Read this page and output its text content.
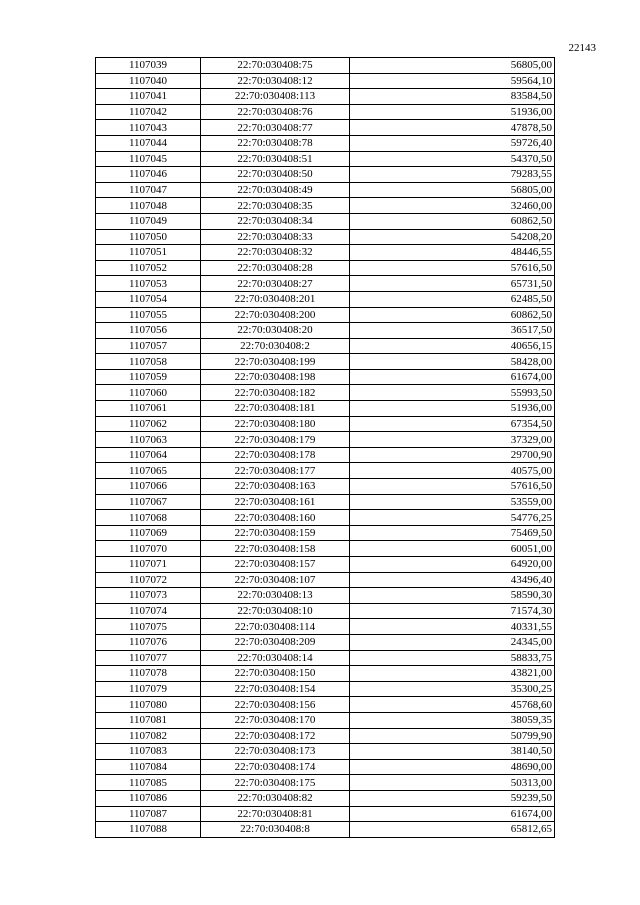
22143
1107039	22:70:030408:75	56805,00
1107040	22:70:030408:12	59564,10
1107041	22:70:030408:113	83584,50
1107042	22:70:030408:76	51936,00
1107043	22:70:030408:77	47878,50
1107044	22:70:030408:78	59726,40
1107045	22:70:030408:51	54370,50
1107046	22:70:030408:50	79283,55
1107047	22:70:030408:49	56805,00
1107048	22:70:030408:35	32460,00
1107049	22:70:030408:34	60862,50
1107050	22:70:030408:33	54208,20
1107051	22:70:030408:32	48446,55
1107052	22:70:030408:28	57616,50
1107053	22:70:030408:27	65731,50
1107054	22:70:030408:201	62485,50
1107055	22:70:030408:200	60862,50
1107056	22:70:030408:20	36517,50
1107057	22:70:030408:2	40656,15
1107058	22:70:030408:199	58428,00
1107059	22:70:030408:198	61674,00
1107060	22:70:030408:182	55993,50
1107061	22:70:030408:181	51936,00
1107062	22:70:030408:180	67354,50
1107063	22:70:030408:179	37329,00
1107064	22:70:030408:178	29700,90
1107065	22:70:030408:177	40575,00
1107066	22:70:030408:163	57616,50
1107067	22:70:030408:161	53559,00
1107068	22:70:030408:160	54776,25
1107069	22:70:030408:159	75469,50
1107070	22:70:030408:158	60051,00
1107071	22:70:030408:157	64920,00
1107072	22:70:030408:107	43496,40
1107073	22:70:030408:13	58590,30
1107074	22:70:030408:10	71574,30
1107075	22:70:030408:114	40331,55
1107076	22:70:030408:209	24345,00
1107077	22:70:030408:14	58833,75
1107078	22:70:030408:150	43821,00
1107079	22:70:030408:154	35300,25
1107080	22:70:030408:156	45768,60
1107081	22:70:030408:170	38059,35
1107082	22:70:030408:172	50799,90
1107083	22:70:030408:173	38140,50
1107084	22:70:030408:174	48690,00
1107085	22:70:030408:175	50313,00
1107086	22:70:030408:82	59239,50
1107087	22:70:030408:81	61674,00
1107088	22:70:030408:8	65812,65
